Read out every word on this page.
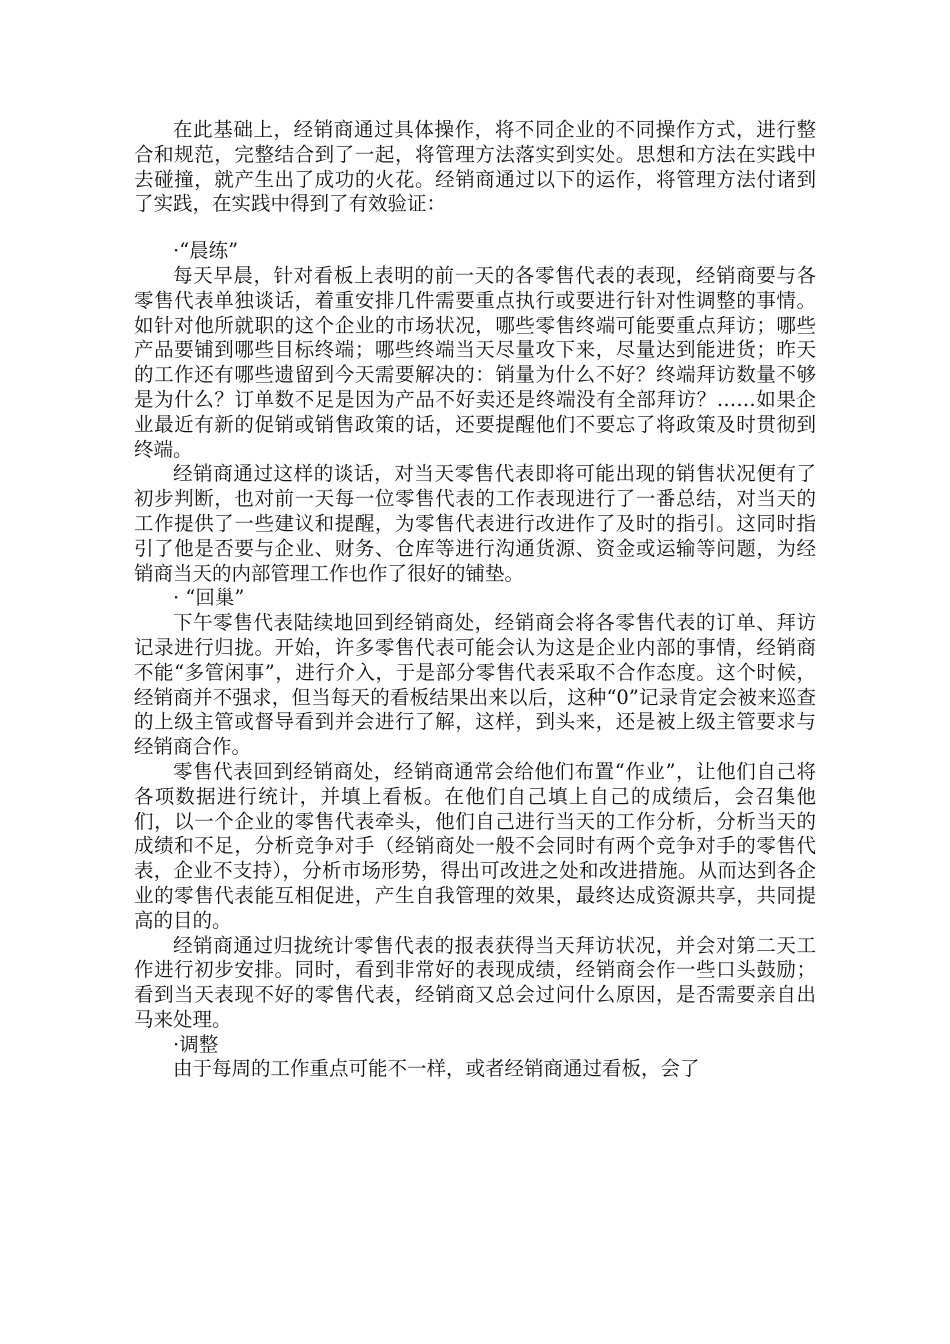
在此基础上，经销商通过具体操作，将不同企业的不同操作方式，进行整合和规范，完整结合到了一起，将管理方法落实到实处。思想和方法在实践中去碰撞，就产生出了成功的火花。经销商通过以下的运作，将管理方法付诸到了实践，在实践中得到了有效验证：

·“晨练”

每天早晨，针对看板上表明的前一天的各零售代表的表现，经销商要与各零售代表单独谈话，着重安排几件需要重点执行或要进行针对性调整的事情。如针对他所就职的这个企业的市场状况，哪些零售终端可能要重点拜访；哪些产品要铺到哪些目标终端；哪些终端当天尽量攻下来，尽量达到能进货；昨天的工作还有哪些遗留到今天需要解决的：销量为什么不好？终端拜访数量不够是为什么？订单数不足是因为产品不好卖还是终端没有全部拜访？……如果企业最近有新的促销或销售政策的话，还要提醒他们不要忘了将政策及时贯彻到终端。

经销商通过这样的谈话，对当天零售代表即将可能出现的销售状况便有了初步判断，也对前一天每一位零售代表的工作表现进行了一番总结，对当天的工作提供了一些建议和提醒，为零售代表进行改进作了及时的指引。这同时指引了他是否要与企业、财务、仓库等进行沟通货源、资金或运输等问题，为经销商当天的内部管理工作也作了很好的铺垫。

· “回巢”

下午零售代表陆续地回到经销商处，经销商会将各零售代表的订单、拜访记录进行归拢。开始，许多零售代表可能会认为这是企业内部的事情，经销商不能“多管闲事”，进行介入，于是部分零售代表采取不合作态度。这个时候，经销商并不强求，但当每天的看板结果出来以后，这种“0”记录肯定会被来巡查的上级主管或督导看到并会进行了解，这样，到头来，还是被上级主管要求与经销商合作。

零售代表回到经销商处，经销商通常会给他们布置“作业”，让他们自己将各项数据进行统计，并填上看板。在他们自己填上自己的成绩后，会召集他们，以一个企业的零售代表牵头，他们自己进行当天的工作分析，分析当天的成绩和不足，分析竞争对手（经销商处一般不会同时有两个竞争对手的零售代表，企业不支持），分析市场形势，得出可改进之处和改进措施。从而达到各企业的零售代表能互相促进，产生自我管理的效果，最终达成资源共享，共同提高的目的。

经销商通过归拢统计零售代表的报表获得当天拜访状况，并会对第二天工作进行初步安排。同时，看到非常好的表现成绩，经销商会作一些口头鼓励；看到当天表现不好的零售代表，经销商又总会过问什么原因，是否需要亲自出马来处理。

·调整

由于每周的工作重点可能不一样，或者经销商通过看板，会了
